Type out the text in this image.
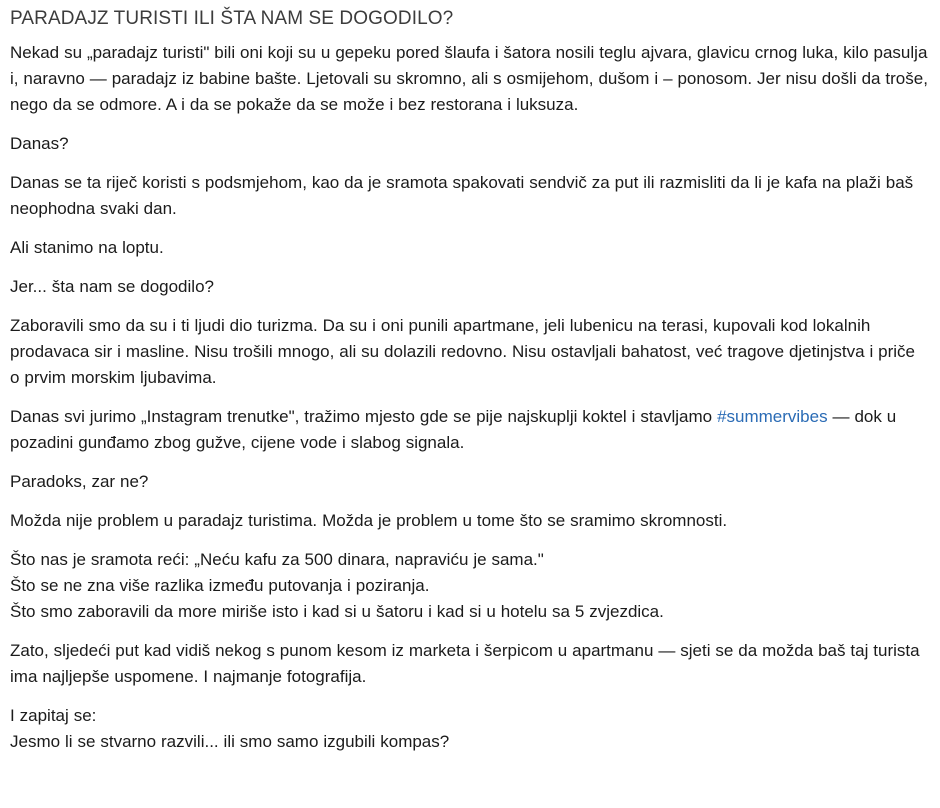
PARADAJZ TURISTI ILI ŠTA NAM SE DOGODILO?

Nekad su „paradajz turisti" bili oni koji su u gepeku pored šlaufa i šatora nosili teglu ajvara, glavicu crnog luka, kilo pasulja i, naravno — paradajz iz babine bašte. Ljetovali su skromno, ali s osmijehom, dušom i – ponosom. Jer nisu došli da troše, nego da se odmore. A i da se pokaže da se može i bez restorana i luksuza.

Danas?

Danas se ta riječ koristi s podsmjehom, kao da je sramota spakovati sendvič za put ili razmisliti da li je kafa na plaži baš neophodna svaki dan.

Ali stanimo na loptu.

Jer... šta nam se dogodilo?

Zaboravili smo da su i ti ljudi dio turizma. Da su i oni punili apartmane, jeli lubenicu na terasi, kupovali kod lokalnih prodavaca sir i masline. Nisu trošili mnogo, ali su dolazili redovno. Nisu ostavljali bahatost, već tragove djetinjstva i priče o prvim morskim ljubavima.

Danas svi jurimo „Instagram trenutke", tražimo mjesto gde se pije najskuplji koktel i stavljamo #summervibes — dok u pozadini gunđamo zbog gužve, cijene vode i slabog signala.

Paradoks, zar ne?

Možda nije problem u paradajz turistima. Možda je problem u tome što se sramimo skromnosti.

Što nas je sramota reći: „Neću kafu za 500 dinara, napraviću je sama."
Što se ne zna više razlika između putovanja i poziranja.
Što smo zaboravili da more miriše isto i kad si u šatoru i kad si u hotelu sa 5 zvjezdica.

Zato, sljedeći put kad vidiš nekog s punom kesom iz marketa i šerpicom u apartmanu — sjeti se da možda baš taj turista ima najljepše uspomene. I najmanje fotografija.

I zapitaj se:
Jesmo li se stvarno razvili... ili smo samo izgubili kompas?
